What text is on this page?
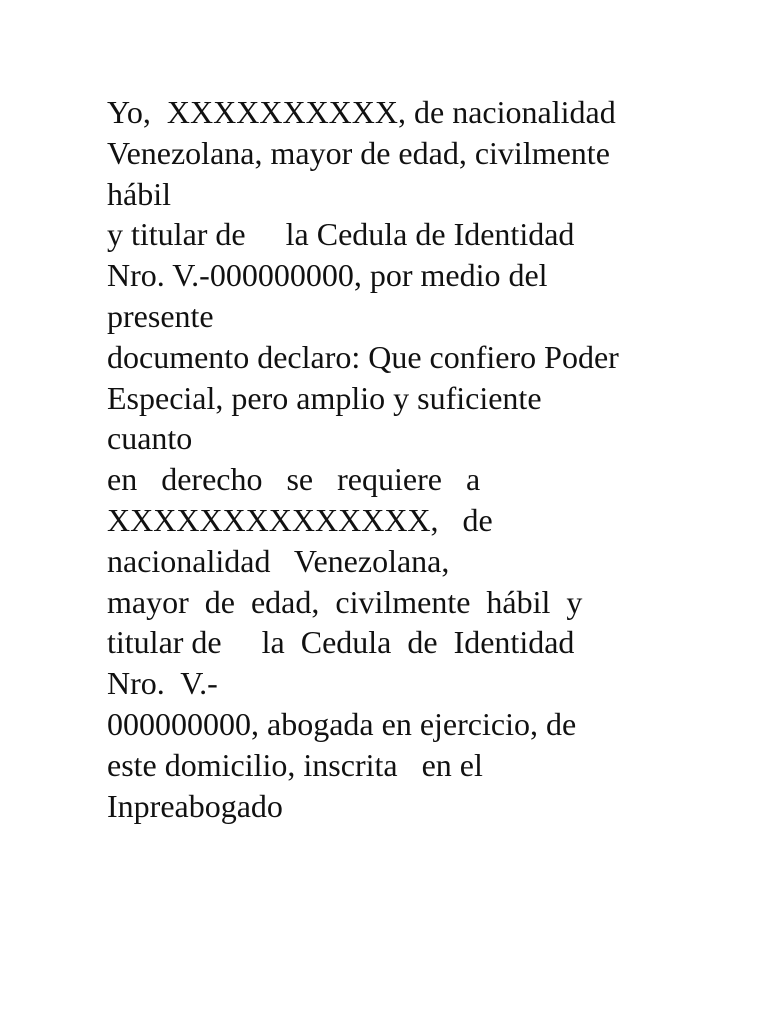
Yo,  XXXXXXXXXX, de nacionalidad
Venezolana, mayor de edad, civilmente
hábil
y titular de     la Cedula de Identidad
Nro. V.-000000000, por medio del
presente
documento declaro: Que confiero Poder
Especial, pero amplio y suficiente
cuanto
en   derecho   se   requiere   a
XXXXXXXXXXXXXX,   de
nacionalidad   Venezolana,
mayor  de  edad,  civilmente  hábil  y
titular de     la  Cedula  de  Identidad
Nro.  V.-
000000000, abogada en ejercicio, de
este domicilio, inscrita   en el
Inpreabogado
